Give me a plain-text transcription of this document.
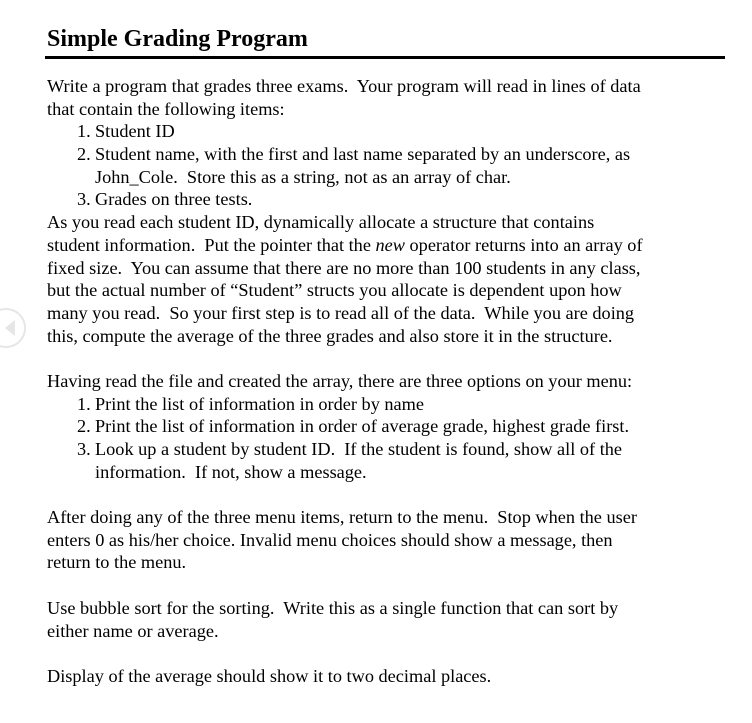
Simple Grading Program
Write a program that grades three exams.  Your program will read in lines of data
that contain the following items:
1. Student ID
2. Student name, with the first and last name separated by an underscore, as
John_Cole.  Store this as a string, not as an array of char.
3. Grades on three tests.
As you read each student ID, dynamically allocate a structure that contains
student information.  Put the pointer that the new operator returns into an array of
fixed size.  You can assume that there are no more than 100 students in any class,
but the actual number of “Student” structs you allocate is dependent upon how
many you read.  So your first step is to read all of the data.  While you are doing
this, compute the average of the three grades and also store it in the structure.
Having read the file and created the array, there are three options on your menu:
1. Print the list of information in order by name
2. Print the list of information in order of average grade, highest grade first.
3. Look up a student by student ID.  If the student is found, show all of the
information.  If not, show a message.
After doing any of the three menu items, return to the menu.  Stop when the user
enters 0 as his/her choice. Invalid menu choices should show a message, then
return to the menu.
Use bubble sort for the sorting.  Write this as a single function that can sort by
either name or average.
Display of the average should show it to two decimal places.
